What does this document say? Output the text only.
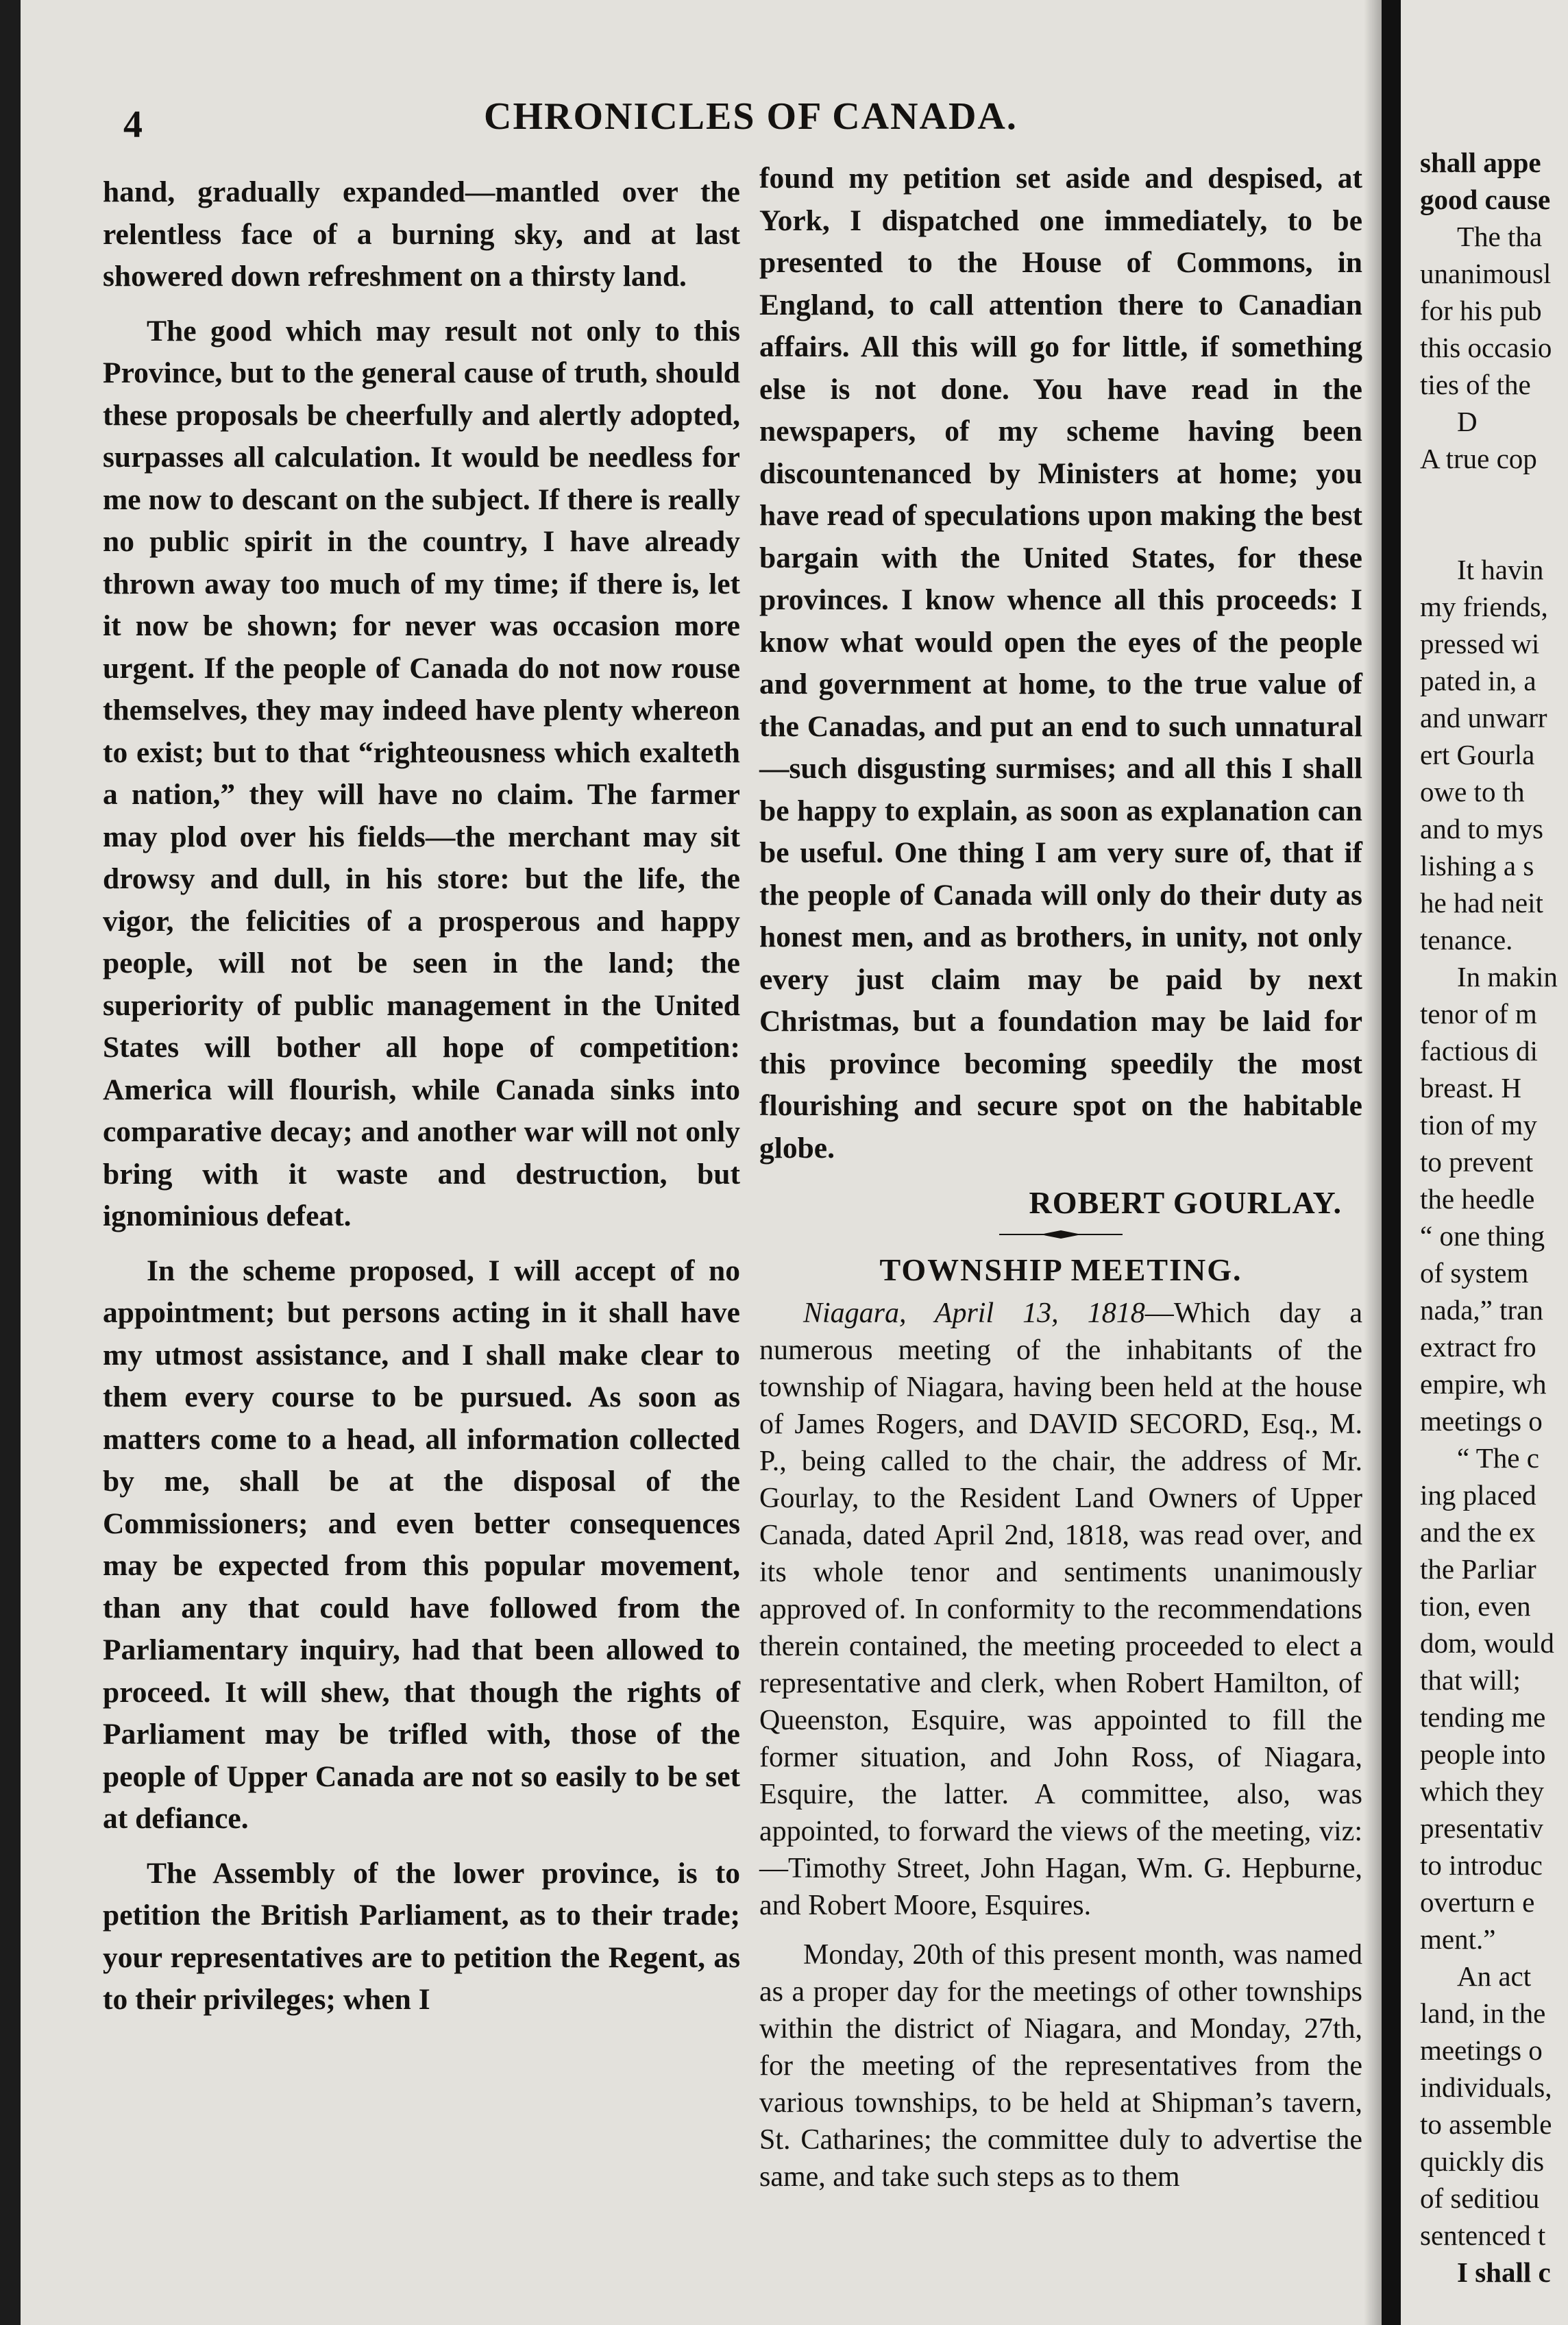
4	CHRONICLES OF CANADA.

hand, gradually expanded—mantled over the relentless face of a burning sky, and at last showered down refreshment on a thirsty land.

The good which may result not only to this Province, but to the general cause of truth, should these proposals be cheerfully and alertly adopted, surpasses all calculation. It would be needless for me now to descant on the subject. If there is really no public spirit in the country, I have already thrown away too much of my time; if there is, let it now be shown; for never was occasion more urgent. If the people of Canada do not now rouse themselves, they may indeed have plenty whereon to exist; but to that “righteousness which exalteth a nation,” they will have no claim. The farmer may plod over his fields—the merchant may sit drowsy and dull, in his store: but the life, the vigor, the felicities of a prosperous and happy people, will not be seen in the land; the superiority of public management in the United States will bother all hope of competition: America will flourish, while Canada sinks into comparative decay; and another war will not only bring with it waste and destruction, but ignominious defeat.

In the scheme proposed, I will accept of no appointment; but persons acting in it shall have my utmost assistance, and I shall make clear to them every course to be pursued. As soon as matters come to a head, all information collected by me, shall be at the disposal of the Commissioners; and even better consequences may be expected from this popular movement, than any that could have followed from the Parliamentary inquiry, had that been allowed to proceed. It will shew, that though the rights of Parliament may be trifled with, those of the people of Upper Canada are not so easily to be set at defiance.

The Assembly of the lower province, is to petition the British Parliament, as to their trade; your representatives are to petition the Regent, as to their privileges; when I

found my petition set aside and despised, at York, I dispatched one immediately, to be presented to the House of Commons, in England, to call attention there to Canadian affairs. All this will go for little, if something else is not done. You have read in the newspapers, of my scheme having been discountenanced by Ministers at home; you have read of speculations upon making the best bargain with the United States, for these provinces. I know whence all this proceeds: I know what would open the eyes of the people and government at home, to the true value of the Canadas, and put an end to such unnatural—such disgusting surmises; and all this I shall be happy to explain, as soon as explanation can be useful. One thing I am very sure of, that if the people of Canada will only do their duty as honest men, and as brothers, in unity, not only every just claim may be paid by next Christmas, but a foundation may be laid for this province becoming speedily the most flourishing and secure spot on the habitable globe.

ROBERT GOURLAY.
TOWNSHIP MEETING.

Niagara, April 13, 1818—Which day a numerous meeting of the inhabitants of the township of Niagara, having been held at the house of James Rogers, and DAVID SECORD, Esq., M. P., being called to the chair, the address of Mr. Gourlay, to the Resident Land Owners of Upper Canada, dated April 2nd, 1818, was read over, and its whole tenor and sentiments unanimously approved of. In conformity to the recommendations therein contained, the meeting proceeded to elect a representative and clerk, when Robert Hamilton, of Queenston, Esquire, was appointed to fill the former situation, and John Ross, of Niagara, Esquire, the latter. A committee, also, was appointed, to forward the views of the meeting, viz: —Timothy Street, John Hagan, Wm. G. Hepburne, and Robert Moore, Esquires.

Monday, 20th of this present month, was named as a proper day for the meetings of other townships within the district of Niagara, and Monday, 27th, for the meeting of the representatives from the various townships, to be held at Shipman’s tavern, St. Catharines; the committee duly to advertise the same, and take such steps as to them

shall appe
good cause
The tha
unanimousl
for his pub
this occasio
ties of the
D
A true cop

It havin
my friends,
pressed wi
pated in, a
and unwarr
ert Gourla
owe to th
and to mys
lishing a s
he had neit
tenance.
In makin
tenor of m
factious di
breast. H
tion of my
to prevent
the heedle
“ one thing
of system
nada,” tran
extract fro
empire, wh
meetings o
“ The c
ing placed
and the ex
the Parliar
tion, even
dom, would
that will;
tending me
people into
which they
presentativ
to introduc
overturn e
ment.”
An act
land, in the
meetings o
individuals,
to assemble
quickly dis
of seditiou
sentenced t
I shall c
